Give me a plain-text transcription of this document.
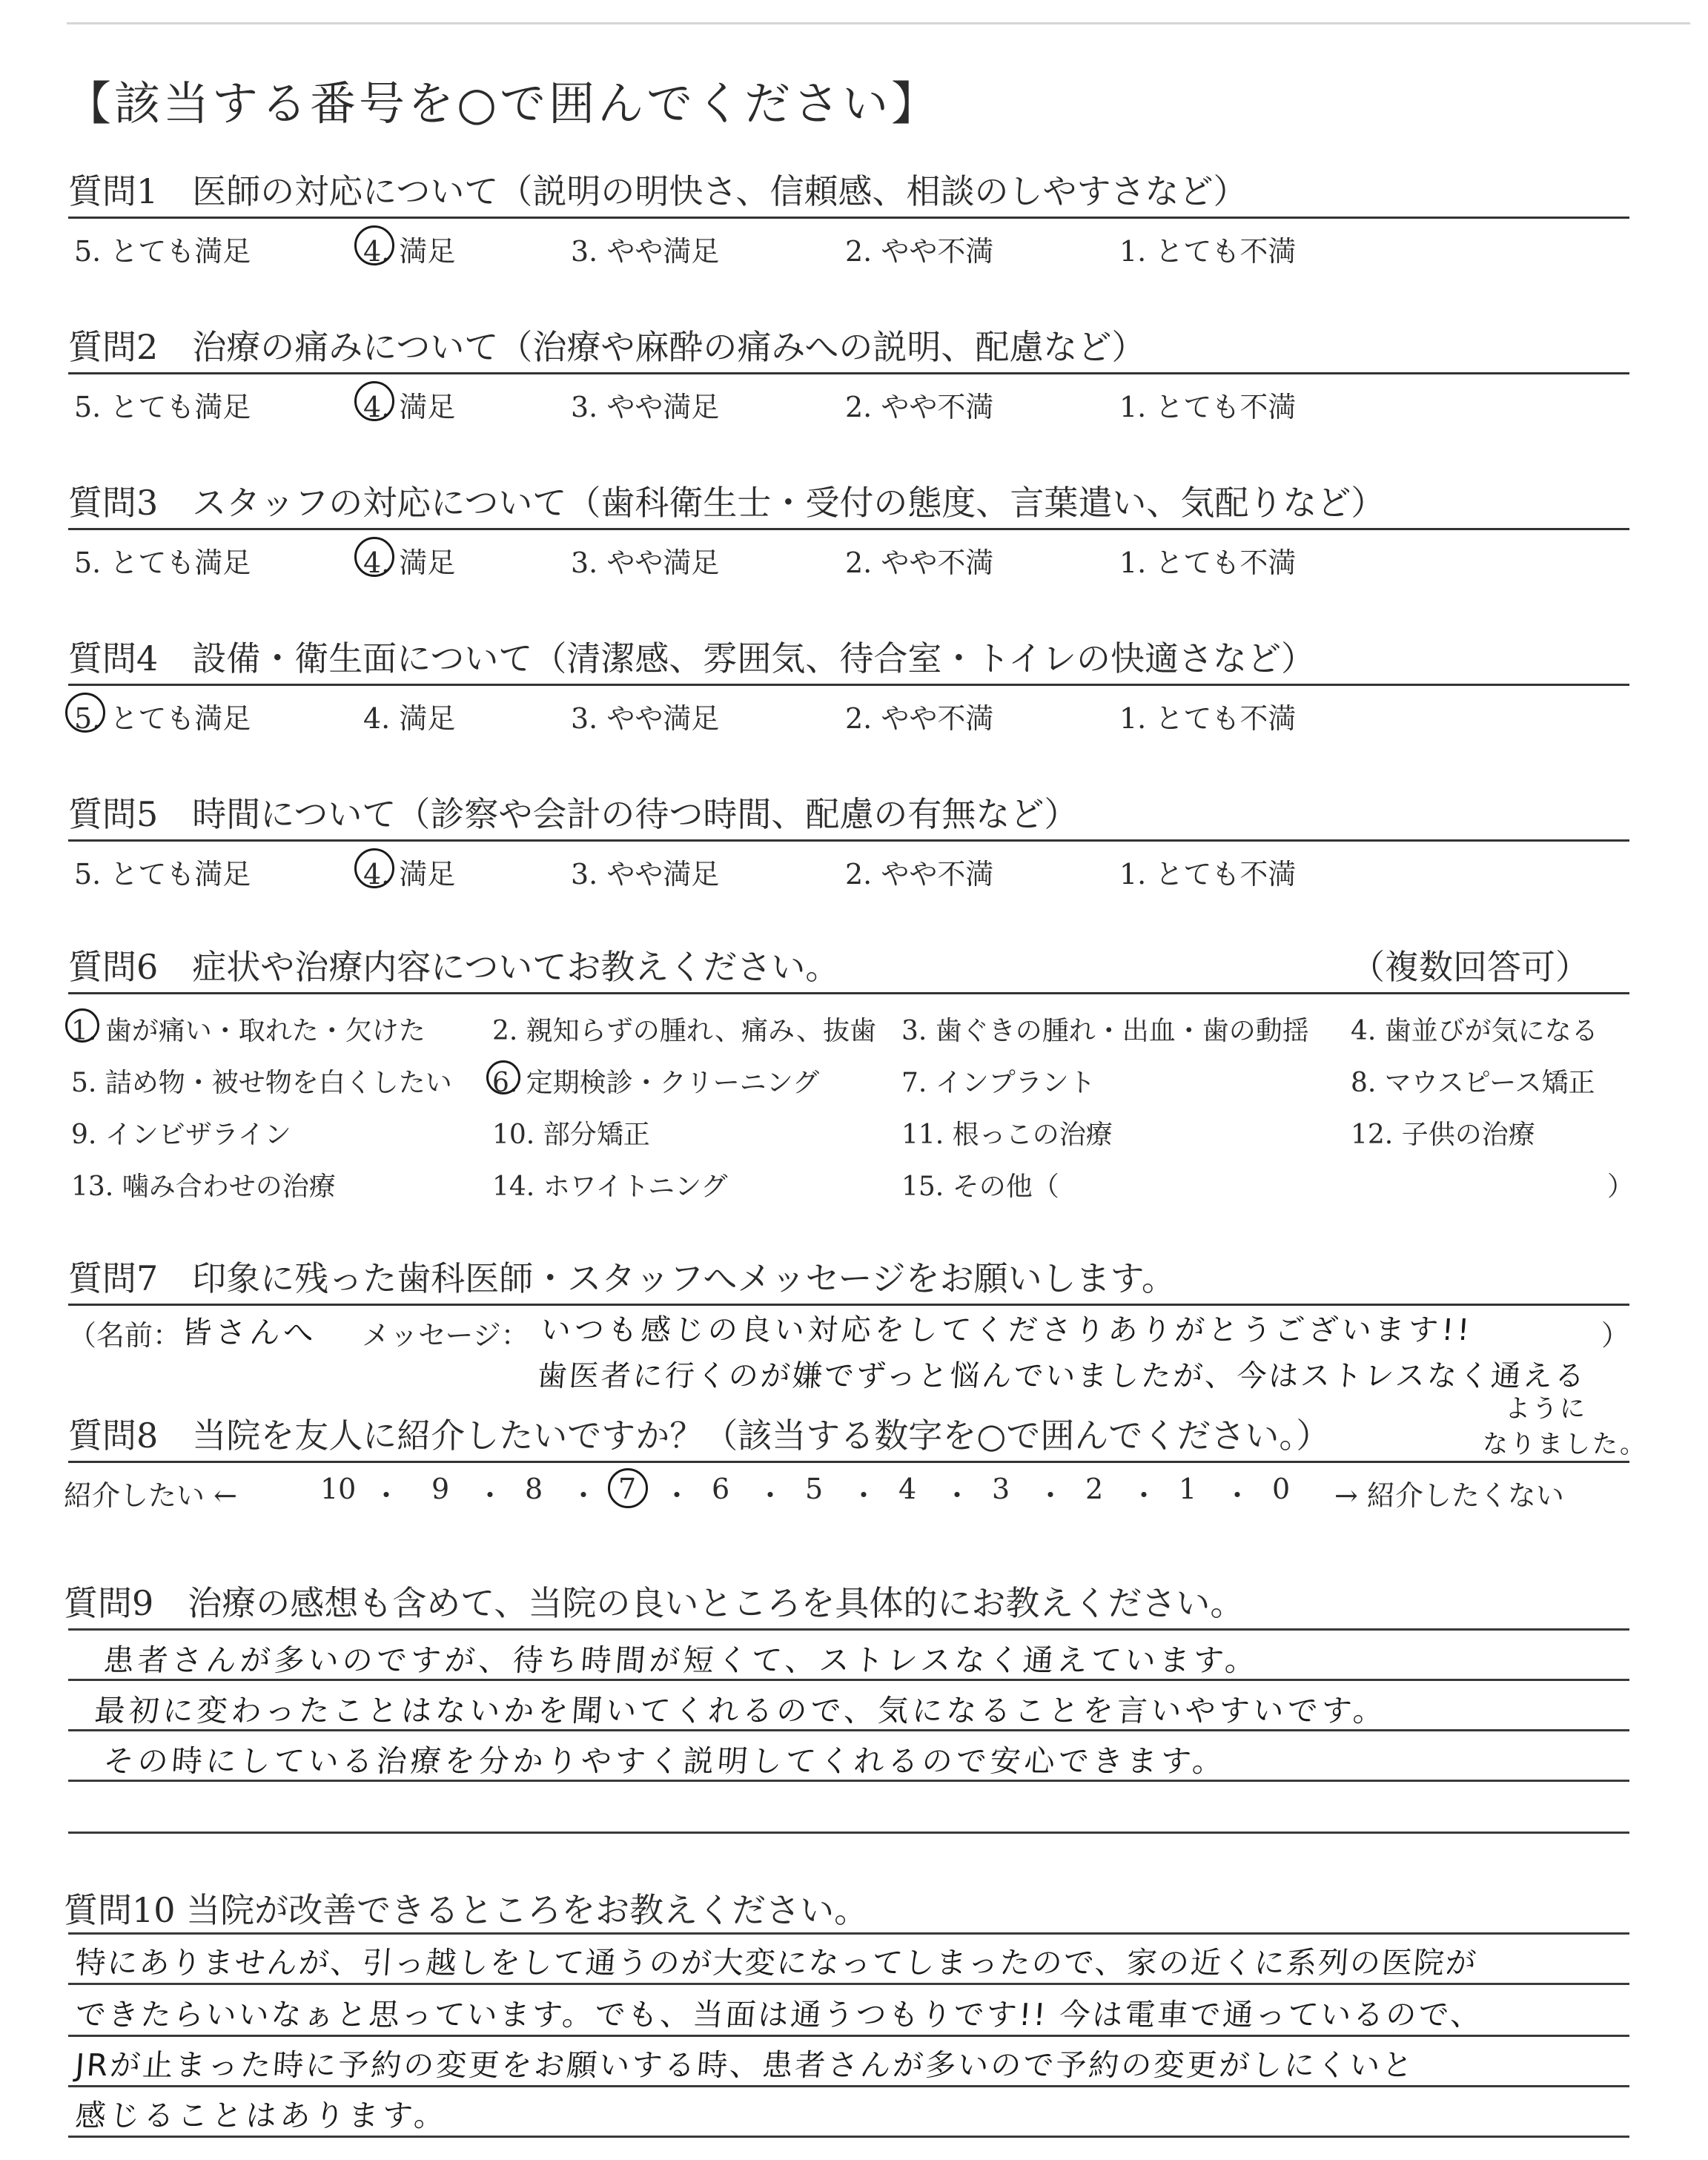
【該当する番号を○で囲んでください】
質問1　医師の対応について（説明の明快さ、信頼感、相談のしやすさなど）
5. とても満足	4. 満足	3. やや満足	2. やや不満	1. とても不満
質問2　治療の痛みについて（治療や麻酔の痛みへの説明、配慮など）
5. とても満足	4. 満足	3. やや満足	2. やや不満	1. とても不満
質問3　スタッフの対応について（歯科衛生士・受付の態度、言葉遣い、気配りなど）
5. とても満足	4. 満足	3. やや満足	2. やや不満	1. とても不満
質問4　設備・衛生面について（清潔感、雰囲気、待合室・トイレの快適さなど）
5. とても満足	4. 満足	3. やや満足	2. やや不満	1. とても不満
質問5　時間について（診察や会計の待つ時間、配慮の有無など）
5. とても満足	4. 満足	3. やや満足	2. やや不満	1. とても不満
質問6　症状や治療内容についてお教えください。	（複数回答可）
1. 歯が痛い・取れた・欠けた	2. 親知らずの腫れ、痛み、抜歯 3. 歯ぐきの腫れ・出血・歯の動揺 4. 歯並びが気になる
5. 詰め物・被せ物を白くしたい 6. 定期検診・クリーニング	7. インプラント	8. マウスピース矯正
9. インビザライン	10. 部分矯正	11. 根っこの治療	12. 子供の治療
13. 噛み合わせの治療	14. ホワイトニング	15. その他（	）
質問7　印象に残った歯科医師・スタッフへメッセージをお願いします。
（名前： 皆さんへ メッセージ： いつも感じの良い対応をしてくださりありがとうございます!!	）
歯医者に行くのが嫌でずっと悩んでいましたが、今はストレスなく通える
質問8　当院を友人に紹介したいですか？（該当する数字を○で囲んでください。）
ように
なりました。
紹介したい ←	10 ・ 9 ・ 8 ・ 7 ・ 6 ・ 5 ・ 4 ・ 3 ・ 2 ・ 1 ・ 0 → 紹介したくない
質問9　治療の感想も含めて、当院の良いところを具体的にお教えください。
患者さんが多いのですが、待ち時間が短くて、ストレスなく通えています。
最初に変わったことはないかを聞いてくれるので、気になることを言いやすいです。
その時にしている治療を分かりやすく説明してくれるので安心できます。
質問10 当院が改善できるところをお教えください。
特にありませんが、引っ越しをして通うのが大変になってしまったので、家の近くに系列の医院が
できたらいいなぁと思っています。でも、当面は通うつもりです!! 今は電車で通っているので、
JRが止まった時に予約の変更をお願いする時、患者さんが多いので予約の変更がしにくいと
感じることはあります。
